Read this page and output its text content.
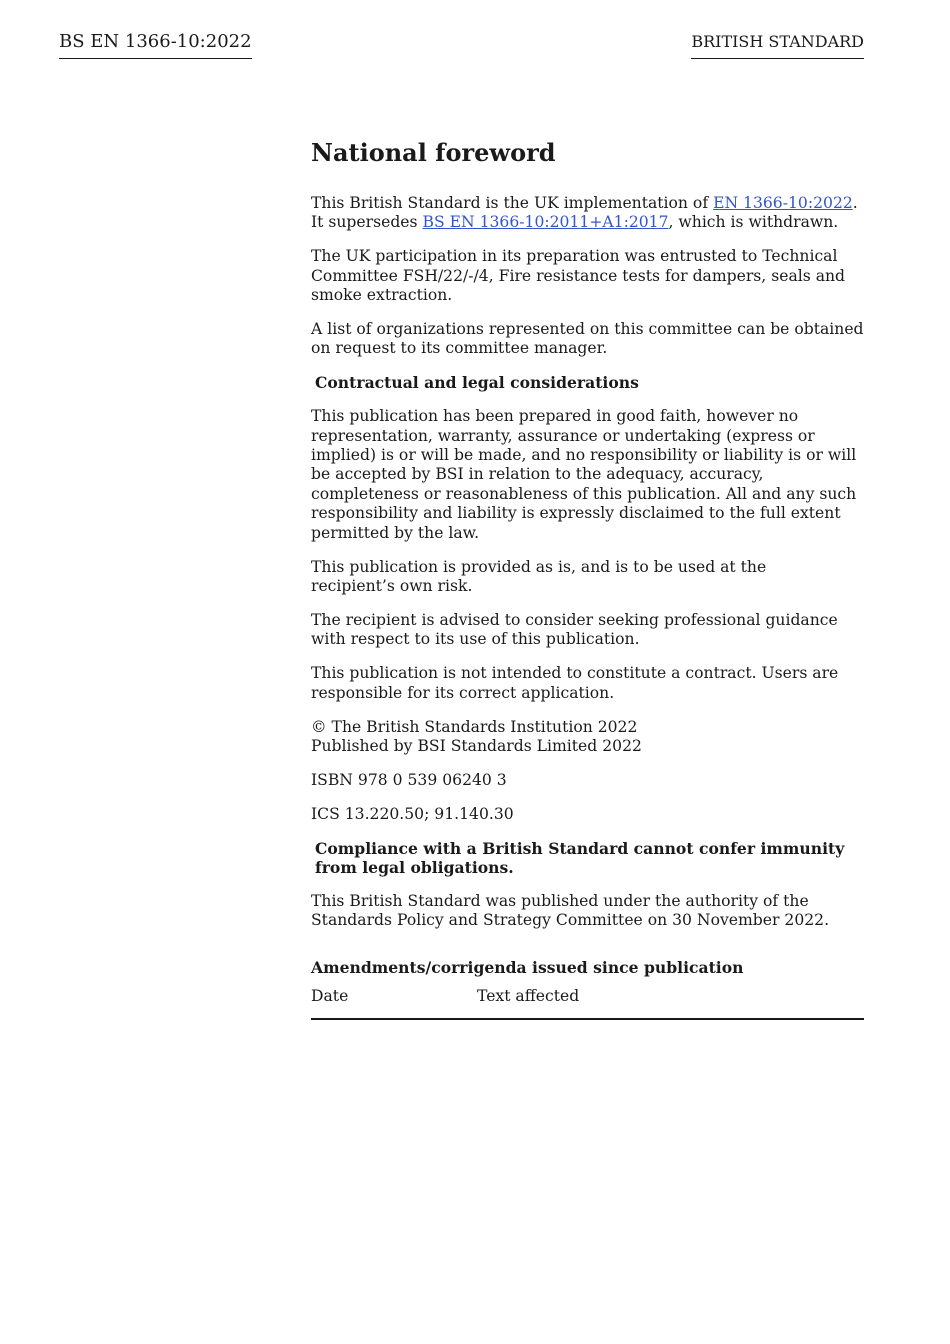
BS EN 1366-10:2022	BRITISH STANDARD
National foreword

This British Standard is the UK implementation of EN 1366-10:2022. It supersedes BS EN 1366-10:2011+A1:2017, which is withdrawn.

The UK participation in its preparation was entrusted to Technical Committee FSH/22/-/4, Fire resistance tests for dampers, seals and smoke extraction.

A list of organizations represented on this committee can be obtained on request to its committee manager.

Contractual and legal considerations

This publication has been prepared in good faith, however no representation, warranty, assurance or undertaking (express or implied) is or will be made, and no responsibility or liability is or will be accepted by BSI in relation to the adequacy, accuracy, completeness or reasonableness of this publication. All and any such responsibility and liability is expressly disclaimed to the full extent permitted by the law.

This publication is provided as is, and is to be used at the
recipient’s own risk.

The recipient is advised to consider seeking professional guidance with respect to its use of this publication.

This publication is not intended to constitute a contract. Users are responsible for its correct application.

© The British Standards Institution 2022
Published by BSI Standards Limited 2022

ISBN 978 0 539 06240 3

ICS 13.220.50; 91.140.30

Compliance with a British Standard cannot confer immunity from legal obligations.

This British Standard was published under the authority of the Standards Policy and Strategy Committee on 30 November 2022.

Amendments/corrigenda issued since publication
Date	Text affected
